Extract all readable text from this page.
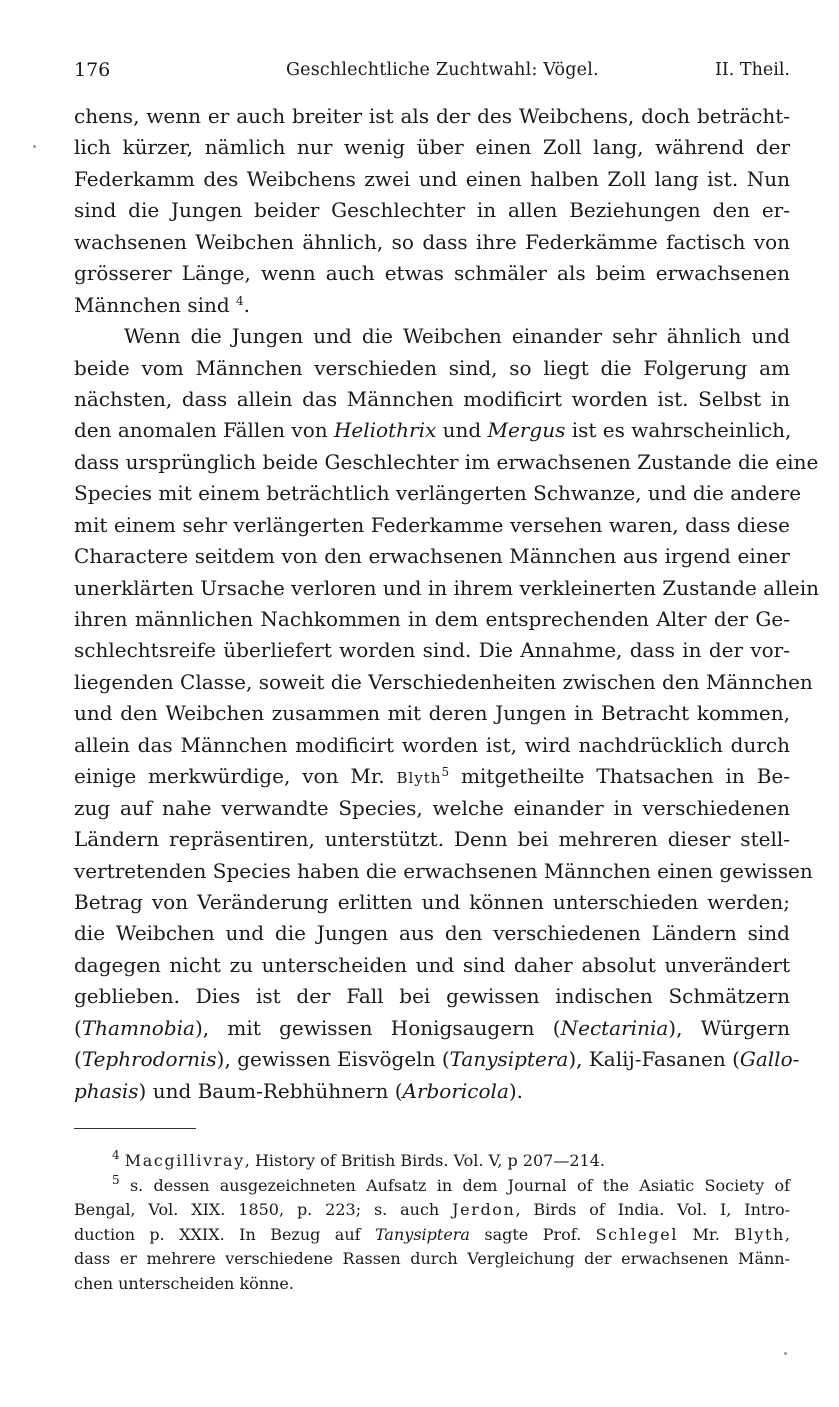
176	Geschlechtliche Zuchtwahl: Vögel.	II. Theil.
chens, wenn er auch breiter ist als der des Weibchens, doch beträcht-
lich kürzer, nämlich nur wenig über einen Zoll lang, während der
Federkamm des Weibchens zwei und einen halben Zoll lang ist. Nun
sind die Jungen beider Geschlechter in allen Beziehungen den er-
wachsenen Weibchen ähnlich, so dass ihre Federkämme factisch von
grösserer Länge, wenn auch etwas schmäler als beim erwachsenen
Männchen sind $^4$.
Wenn die Jungen und die Weibchen einander sehr ähnlich und
beide vom Männchen verschieden sind, so liegt die Folgerung am
nächsten, dass allein das Männchen modificirt worden ist. Selbst in
den anomalen Fällen von Heliothrix und Mergus ist es wahrscheinlich,
dass ursprünglich beide Geschlechter im erwachsenen Zustande die eine
Species mit einem beträchtlich verlängerten Schwanze, und die andere
mit einem sehr verlängerten Federkamme versehen waren, dass diese
Charactere seitdem von den erwachsenen Männchen aus irgend einer
unerklärten Ursache verloren und in ihrem verkleinerten Zustande allein
ihren männlichen Nachkommen in dem entsprechenden Alter der Ge-
schlechtsreife überliefert worden sind. Die Annahme, dass in der vor-
liegenden Classe, soweit die Verschiedenheiten zwischen den Männchen
und den Weibchen zusammen mit deren Jungen in Betracht kommen,
allein das Männchen modificirt worden ist, wird nachdrücklich durch
einige merkwürdige, von Mr. Blyth$^5$ mitgetheilte Thatsachen in Be-
zug auf nahe verwandte Species, welche einander in verschiedenen
Ländern repräsentiren, unterstützt. Denn bei mehreren dieser stell-
vertretenden Species haben die erwachsenen Männchen einen gewissen
Betrag von Veränderung erlitten und können unterschieden werden;
die Weibchen und die Jungen aus den verschiedenen Ländern sind
dagegen nicht zu unterscheiden und sind daher absolut unverändert
geblieben. Dies ist der Fall bei gewissen indischen Schmätzern
(Thamnobia), mit gewissen Honigsaugern (Nectarinia), Würgern
(Tephrodornis), gewissen Eisvögeln (Tanysiptera), Kalij-Fasanen (Gallo-
phasis) und Baum-Rebhühnern (Arboricola).
$^4$ Macgillivray, History of British Birds. Vol. V, p 207—214.
$^5$ s. dessen ausgezeichneten Aufsatz in dem Journal of the Asiatic Society of
Bengal, Vol. XIX. 1850, p. 223; s. auch Jerdon, Birds of India. Vol. I, Intro-
duction p. XXIX. In Bezug auf Tanysiptera sagte Prof. Schlegel Mr. Blyth,
dass er mehrere verschiedene Rassen durch Vergleichung der erwachsenen Männ-
chen unterscheiden könne.
